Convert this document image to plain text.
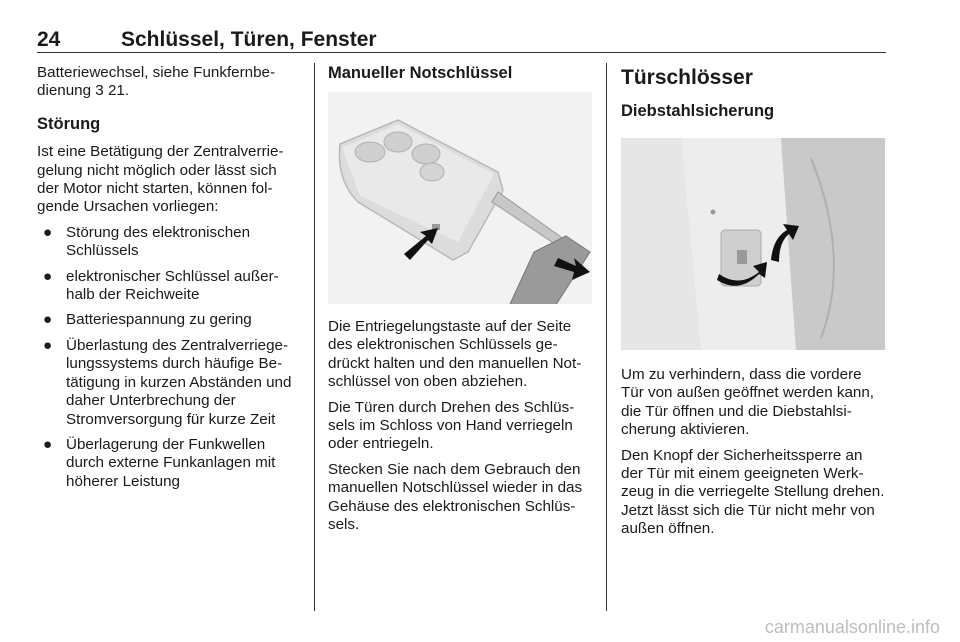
24	Schlüssel, Türen, Fenster

Batteriewechsel, siehe Funkfernbedienung 3 21.

Störung

Ist eine Betätigung der Zentralverriegelung nicht möglich oder lässt sich der Motor nicht starten, können folgende Ursachen vorliegen:

● Störung des elektronischen Schlüssels
● elektronischer Schlüssel außerhalb der Reichweite
● Batteriespannung zu gering
● Überlastung des Zentralverriegelungssystems durch häufige Betätigung in kurzen Abständen und daher Unterbrechung der Stromversorgung für kurze Zeit
● Überlagerung der Funkwellen durch externe Funkanlagen mit höherer Leistung
Manueller Notschlüssel

Die Entriegelungstaste auf der Seite des elektronischen Schlüssels gedrückt halten und den manuellen Notschlüssel von oben abziehen.

Die Türen durch Drehen des Schlüssels im Schloss von Hand verriegeln oder entriegeln.

Stecken Sie nach dem Gebrauch den manuellen Notschlüssel wieder in das Gehäuse des elektronischen Schlüssels.

Türschlösser
Diebstahlsicherung

Um zu verhindern, dass die vordere Tür von außen geöffnet werden kann, die Tür öffnen und die Diebstahlsicherung aktivieren.

Den Knopf der Sicherheitssperre an der Tür mit einem geeigneten Werkzeug in die verriegelte Stellung drehen. Jetzt lässt sich die Tür nicht mehr von außen öffnen.

carmanualsonline.info
